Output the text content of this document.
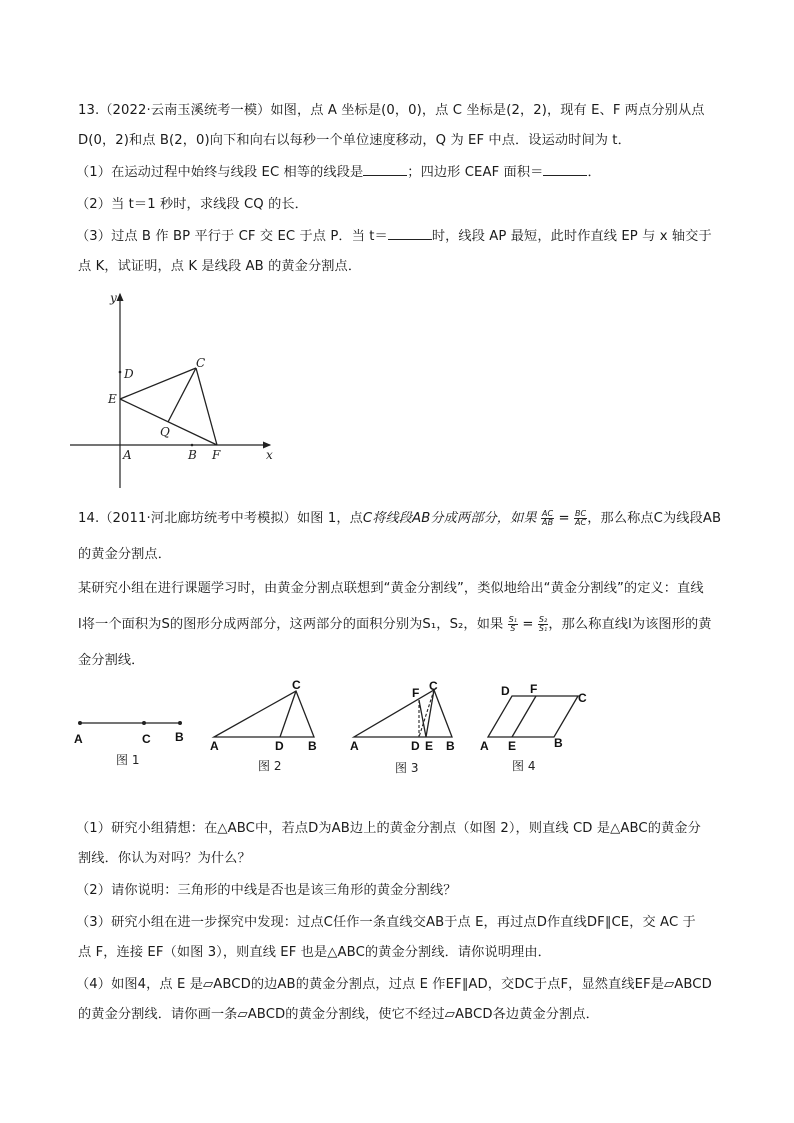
13.（2022·云南玉溪统考一模）如图，点 A 坐标是(0，0)，点 C 坐标是(2，2)，现有 E、F 两点分别从点
D(0，2)和点 B(2，0)向下和向右以每秒一个单位速度移动，Q 为 EF 中点．设运动时间为 t．
（1）在运动过程中始终与线段 EC 相等的线段是	；四边形 CEAF 面积＝	．
（2）当 t＝1 秒时，求线段 CQ 的长．
（3）过点 B 作 BP 平行于 CF 交 EC 于点 P．当 t＝	时，线段 AP 最短，此时作直线 EP 与 x 轴交于
点 K，试证明，点 K 是线段 AB 的黄金分割点．
y
x
D
C
E
Q
A	B F
14.（2011·河北廊坊统考中考模拟）如图 1，点C将线段AB分成两部分，如果 $\frac{AC}{AB} = \frac{BC}{AC}$ ，那么称点C为线段AB
的黄金分割点．
某研究小组在进行课题学习时，由黄金分割点联想到“黄金分割线”，类似地给出“黄金分割线”的定义：直线
l将一个面积为S的图形分成两部分，这两部分的面积分别为S₁，S₂，如果 $\frac{\text{S₁}}{S} = \frac{\text{S₂}}{\text{S₁}}$ ，那么称直线l为该图形的黄
金分割线．
A	C B
图 1
A	D B
C
图 2
A	D E B
F C
图 3
D F
C
A E	B
图 4
（1）研究小组猜想：在△ABC中，若点D为AB边上的黄金分割点（如图 2），则直线 CD 是△ABC的黄金分
割线．你认为对吗？为什么？
（2）请你说明：三角形的中线是否也是该三角形的黄金分割线？
（3）研究小组在进一步探究中发现：过点C任作一条直线交AB于点 E，再过点D作直线DF∥CE，交 AC 于
点 F，连接 EF（如图 3），则直线 EF 也是△ABC的黄金分割线．请你说明理由．
（4）如图4，点 E 是▱ABCD的边AB的黄金分割点，过点 E 作EF∥AD，交DC于点F，显然直线EF是▱ABCD
的黄金分割线．请你画一条▱ABCD的黄金分割线，使它不经过▱ABCD各边黄金分割点．
